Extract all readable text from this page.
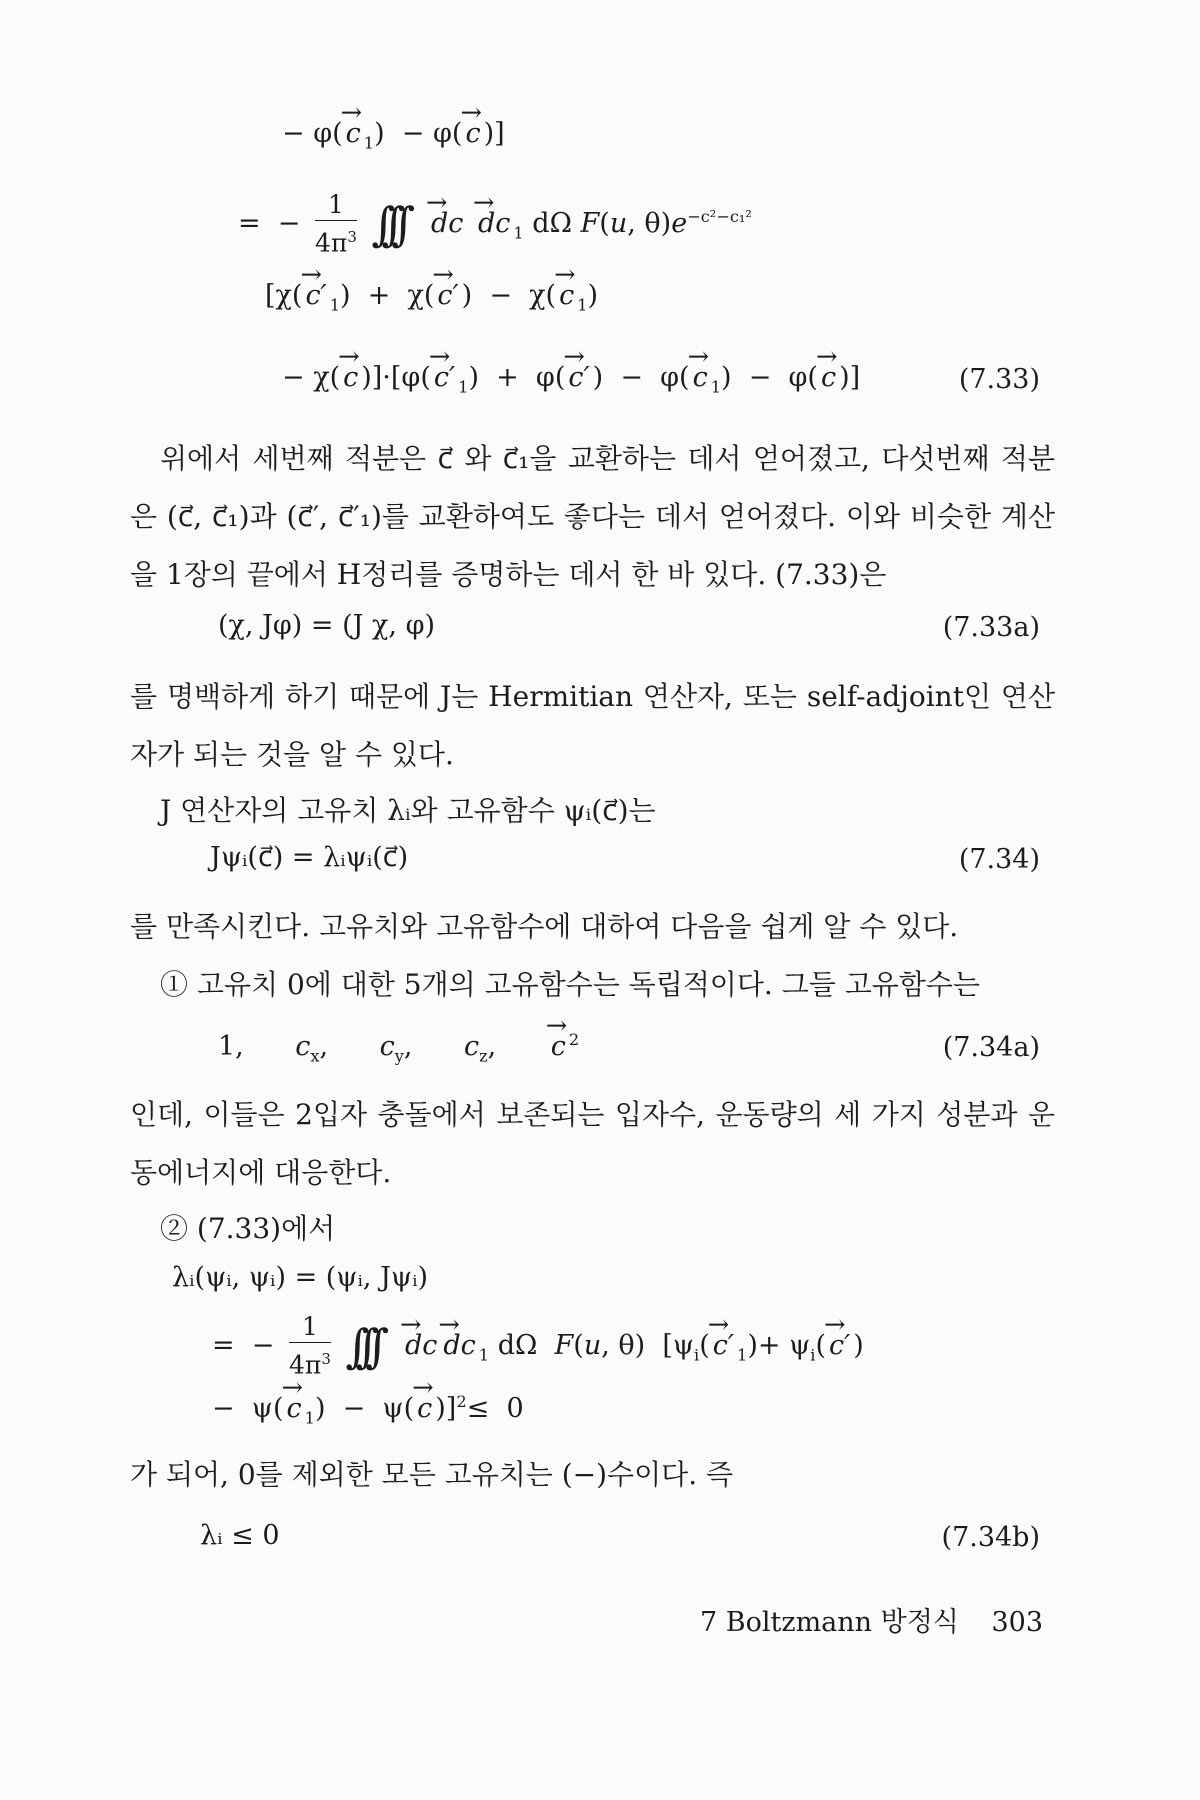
− φ( → c $_1$)  − φ( → c )]
=  − $\frac{1}{4\pi^3}$ ∫∫∫ → dc → dc $_1$ dΩ F(u, $\theta)e^{-c^2-c_1^2}$
[χ( → c′ $_1$)  +  χ( → c′ )  −  χ( → c $_1$)
− χ( → c )]·[φ( → c′ $_1$)  +  φ( → c′ )  −  φ( → c $_1$)  −  φ( → c )]	(7.33)

위에서 세번째 적분은 c⃗ 와 c⃗₁을 교환하는 데서 얻어졌고, 다섯번째 적분은 (c⃗, c⃗₁)과 (c⃗′, c⃗′₁)를 교환하여도 좋다는 데서 얻어졌다. 이와 비슷한 계산을 1장의 끝에서 H정리를 증명하는 데서 한 바 있다. (7.33)은

(χ, Jφ) = (J χ, φ)	(7.33a)

를 명백하게 하기 때문에 J는 Hermitian 연산자, 또는 self-adjoint인 연산자가 되는 것을 알 수 있다.

J 연산자의 고유치 λᵢ와 고유함수 ψᵢ(c⃗)는

Jψᵢ(c⃗) = λᵢψᵢ(c⃗)	(7.34)

를 만족시킨다. 고유치와 고유함수에 대하여 다음을 쉽게 알 수 있다.

① 고유치 0에 대한 5개의 고유함수는 독립적이다. 그들 고유함수는

1,      $c_x$,      $c_y$,      $c_z$,      → c $^2$	(7.34a)

인데, 이들은 2입자 충돌에서 보존되는 입자수, 운동량의 세 가지 성분과 운동에너지에 대응한다.

② (7.33)에서

λᵢ(ψᵢ, ψᵢ) = (ψᵢ, Jψᵢ)
=  − $\frac{1}{4\pi^3}$ ∫∫∫ → dc → dc $_1$ dΩ  F(u, θ)  [$\psi_i( \to c'$ $_1)+ \psi_i( \to c'$ )
−  ψ( → c $_1$)  −  ψ( → c )]$^2$≤  0

가 되어, 0를 제외한 모든 고유치는 (−)수이다. 즉

λᵢ ≤ 0	(7.34b)
7 Boltzmann 방정식 303
